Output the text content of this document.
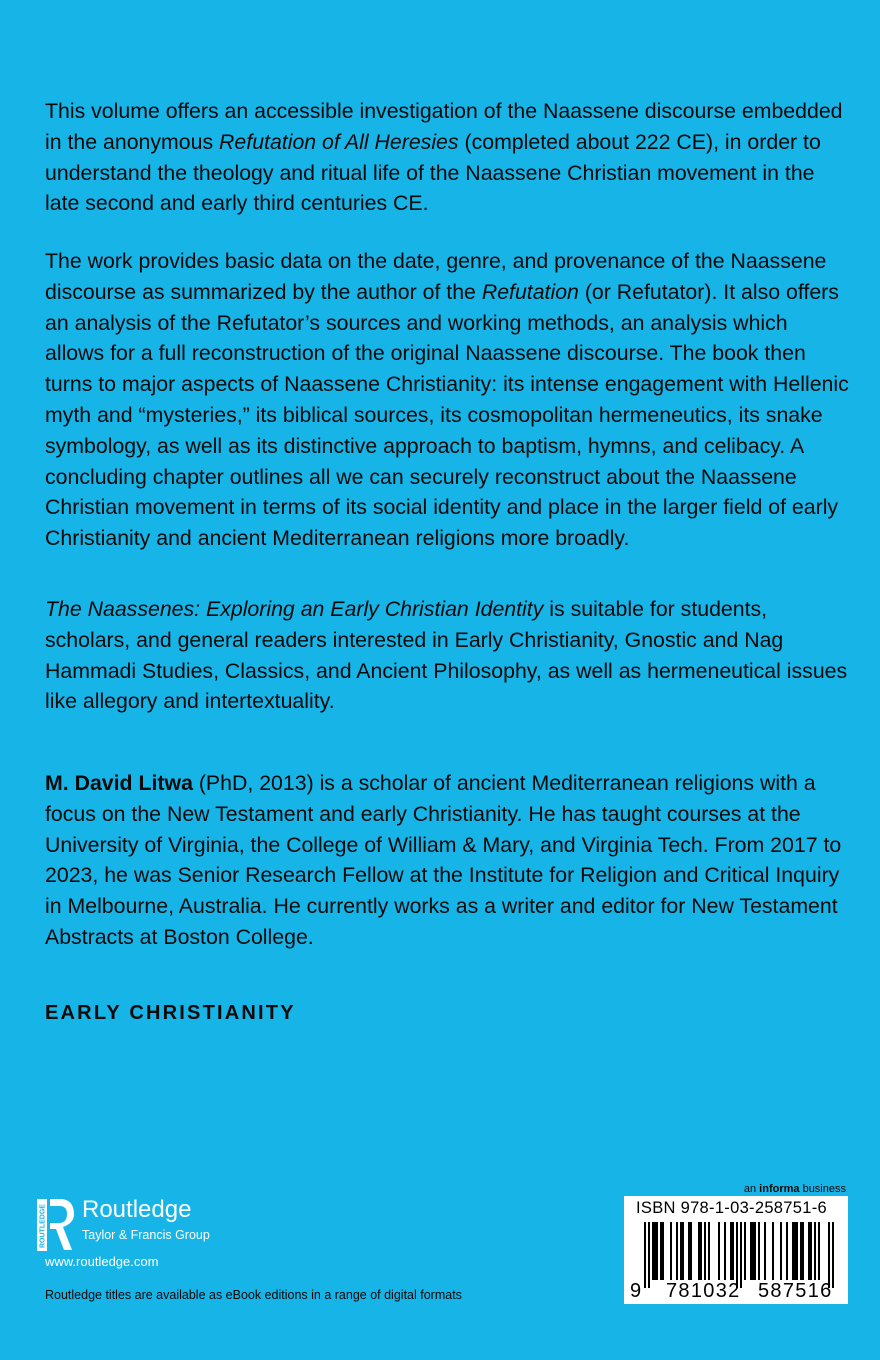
This volume offers an accessible investigation of the Naassene discourse embedded in the anonymous Refutation of All Heresies (completed about 222 CE), in order to understand the theology and ritual life of the Naassene Christian movement in the late second and early third centuries CE.

The work provides basic data on the date, genre, and provenance of the Naassene discourse as summarized by the author of the Refutation (or Refutator). It also offers an analysis of the Refutator’s sources and working methods, an analysis which allows for a full reconstruction of the original Naassene discourse. The book then turns to major aspects of Naassene Christianity: its intense engagement with Hellenic myth and “mysteries,” its biblical sources, its cosmopolitan hermeneutics, its snake symbology, as well as its distinctive approach to baptism, hymns, and celibacy. A concluding chapter outlines all we can securely reconstruct about the Naassene Christian movement in terms of its social identity and place in the larger field of early Christianity and ancient Mediterranean religions more broadly.

The Naassenes: Exploring an Early Christian Identity is suitable for students, scholars, and general readers interested in Early Christianity, Gnostic and Nag Hammadi Studies, Classics, and Ancient Philosophy, as well as hermeneutical issues like allegory and intertextuality.

M. David Litwa (PhD, 2013) is a scholar of ancient Mediterranean religions with a focus on the New Testament and early Christianity. He has taught courses at the University of Virginia, the College of William & Mary, and Virginia Tech. From 2017 to 2023, he was Senior Research Fellow at the Institute for Religion and Critical Inquiry in Melbourne, Australia. He currently works as a writer and editor for New Testament Abstracts at Boston College.

EARLY CHRISTIANITY
ROUTLEDGE Routledge
Taylor & Francis Group
www.routledge.com
Routledge titles are available as eBook editions in a range of digital formats
an informa business
ISBN 978-1-03-258751-6
9 781032 587516
